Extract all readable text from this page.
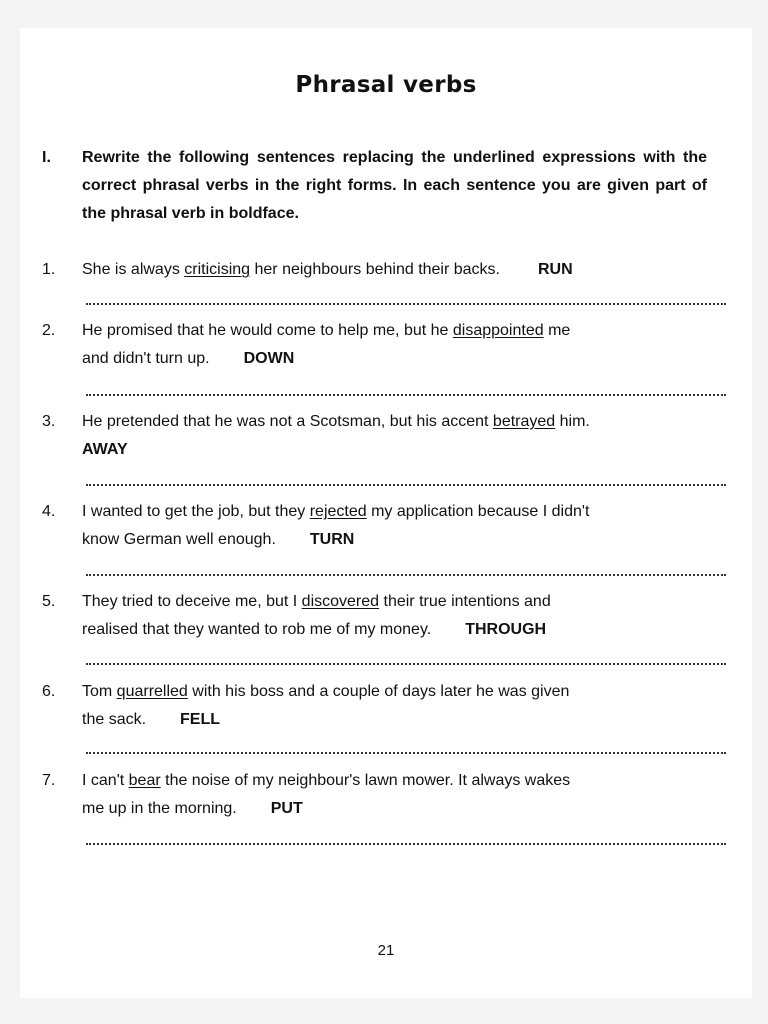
Phrasal verbs
I. Rewrite the following sentences replacing the underlined expressions with the correct phrasal verbs in the right forms. In each sentence you are given part of the phrasal verb in boldface.
1. She is always criticising her neighbours behind their backs. RUN
2. He promised that he would come to help me, but he disappointed me
and didn't turn up. DOWN
3. He pretended that he was not a Scotsman, but his accent betrayed him.
AWAY
4. I wanted to get the job, but they rejected my application because I didn't
know German well enough. TURN
5. They tried to deceive me, but I discovered their true intentions and
realised that they wanted to rob me of my money. THROUGH
6. Tom quarrelled with his boss and a couple of days later he was given
the sack. FELL
7. I can't bear the noise of my neighbour's lawn mower. It always wakes
me up in the morning. PUT
21
